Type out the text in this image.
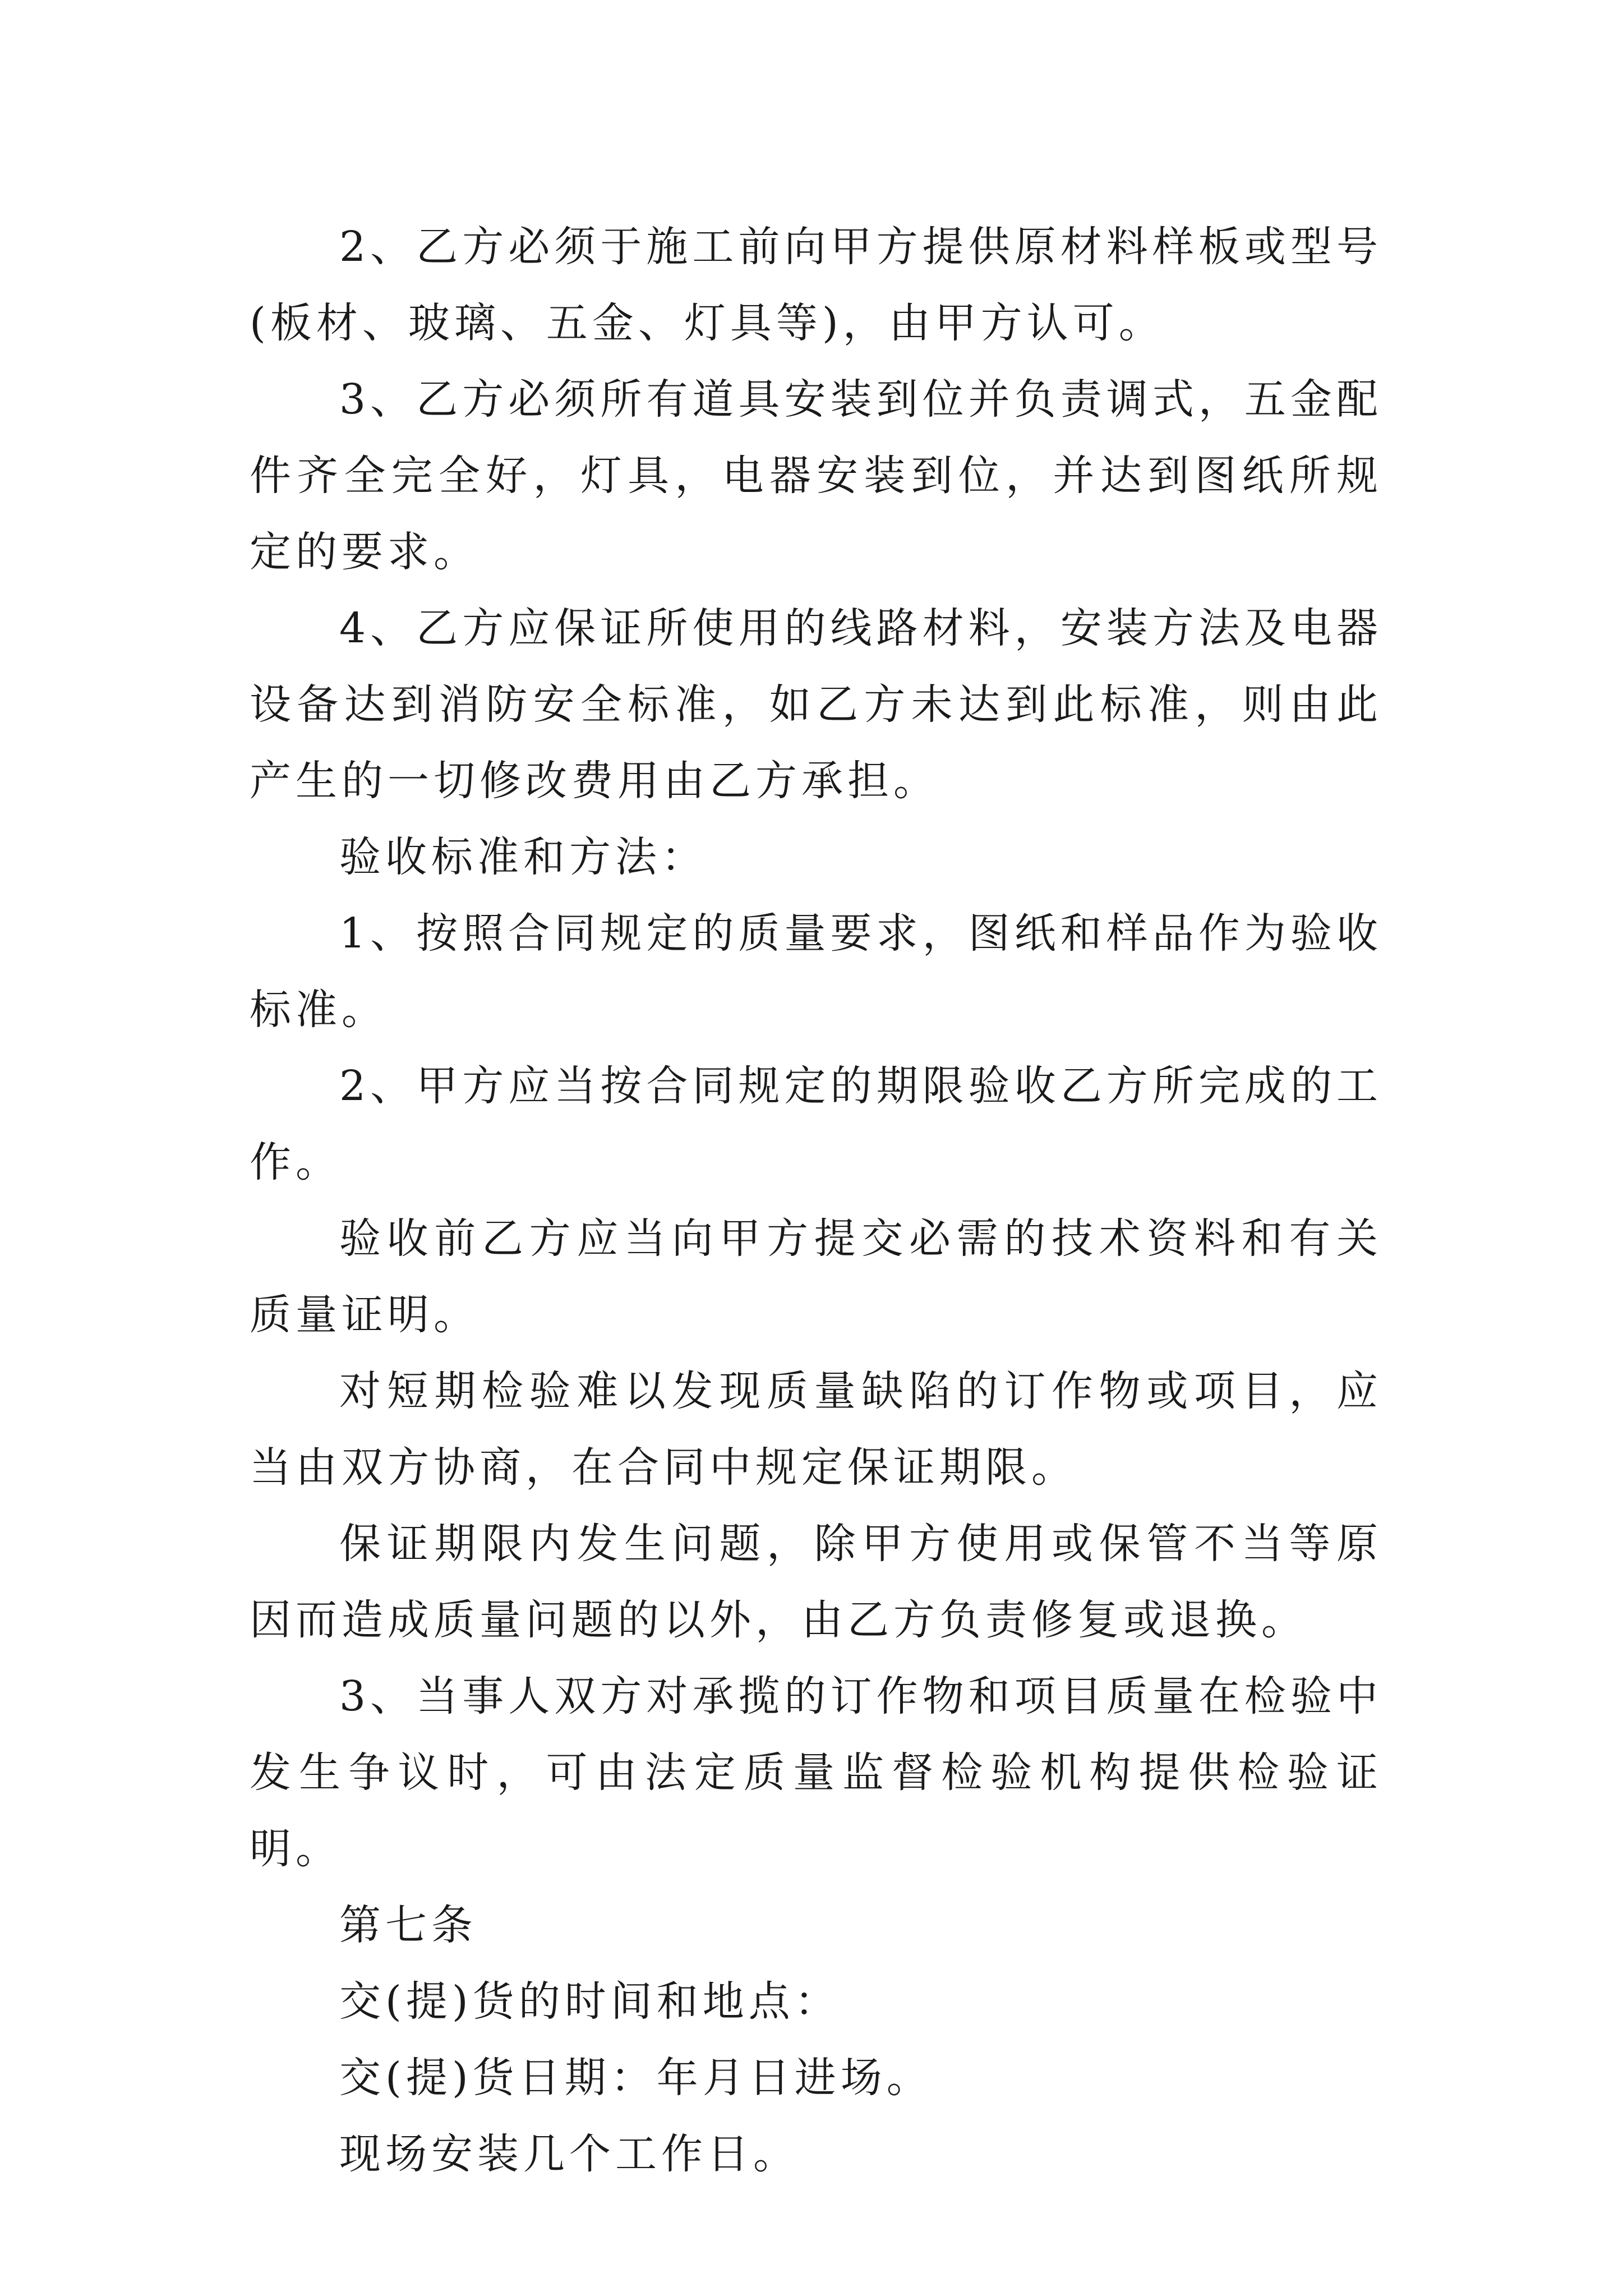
2、乙方必须于施工前向甲方提供原材料样板或型号(板材、玻璃、五金、灯具等)，由甲方认可。

3、乙方必须所有道具安装到位并负责调式，五金配件齐全完全好，灯具，电器安装到位，并达到图纸所规定的要求。

4、乙方应保证所使用的线路材料，安装方法及电器设备达到消防安全标准，如乙方未达到此标准，则由此产生的一切修改费用由乙方承担。

验收标准和方法：

1、按照合同规定的质量要求，图纸和样品作为验收标准。

2、甲方应当按合同规定的期限验收乙方所完成的工作。

验收前乙方应当向甲方提交必需的技术资料和有关质量证明。

对短期检验难以发现质量缺陷的订作物或项目，应当由双方协商，在合同中规定保证期限。

保证期限内发生问题，除甲方使用或保管不当等原因而造成质量问题的以外，由乙方负责修复或退换。

3、当事人双方对承揽的订作物和项目质量在检验中发生争议时，可由法定质量监督检验机构提供检验证明。

第七条

交(提)货的时间和地点：

交(提)货日期：年月日进场。

现场安装几个工作日。
